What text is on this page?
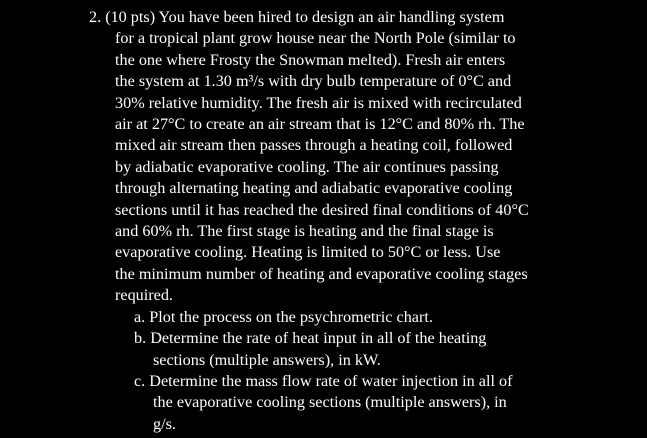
2. (10 pts) You have been hired to design an air handling system
for a tropical plant grow house near the North Pole (similar to
the one where Frosty the Snowman melted). Fresh air enters
the system at 1.30 m³/s with dry bulb temperature of 0°C and
30% relative humidity. The fresh air is mixed with recirculated
air at 27°C to create an air stream that is 12°C and 80% rh. The
mixed air stream then passes through a heating coil, followed
by adiabatic evaporative cooling. The air continues passing
through alternating heating and adiabatic evaporative cooling
sections until it has reached the desired final conditions of 40°C
and 60% rh. The first stage is heating and the final stage is
evaporative cooling. Heating is limited to 50°C or less. Use
the minimum number of heating and evaporative cooling stages
required.
a. Plot the process on the psychrometric chart.
b. Determine the rate of heat input in all of the heating
sections (multiple answers), in kW.
c. Determine the mass flow rate of water injection in all of
the evaporative cooling sections (multiple answers), in
g/s.
